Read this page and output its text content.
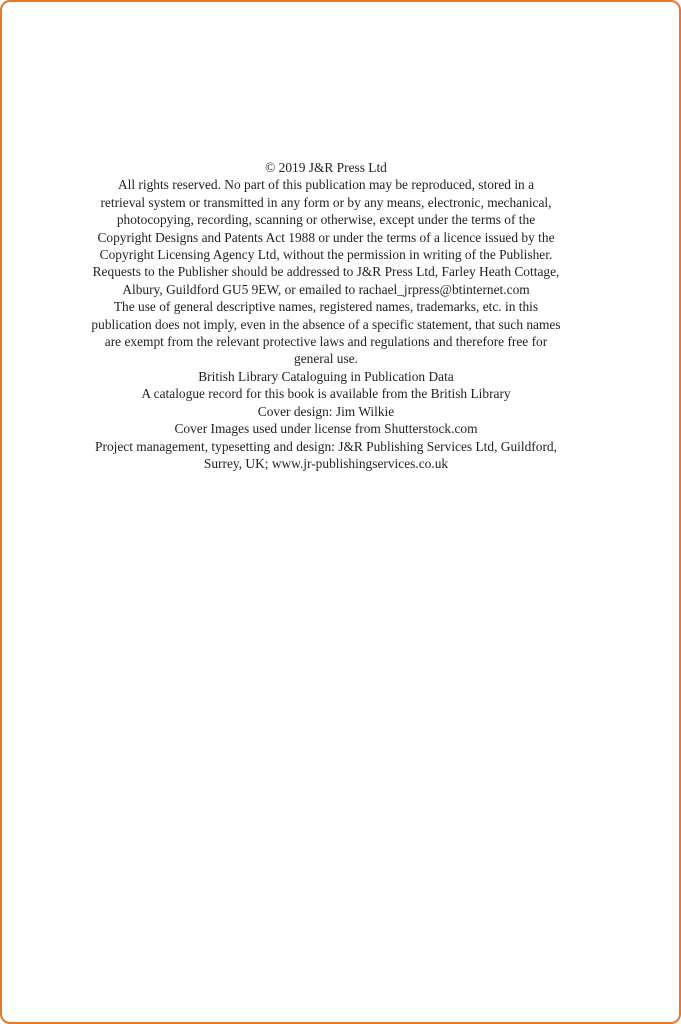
© 2019 J&R Press Ltd
All rights reserved. No part of this publication may be reproduced, stored in a
retrieval system or transmitted in any form or by any means, electronic, mechanical,
photocopying, recording, scanning or otherwise, except under the terms of the
Copyright Designs and Patents Act 1988 or under the terms of a licence issued by the
Copyright Licensing Agency Ltd, without the permission in writing of the Publisher.
Requests to the Publisher should be addressed to J&R Press Ltd, Farley Heath Cottage,
Albury, Guildford GU5 9EW, or emailed to rachael_jrpress@btinternet.com
The use of general descriptive names, registered names, trademarks, etc. in this
publication does not imply, even in the absence of a specific statement, that such names
are exempt from the relevant protective laws and regulations and therefore free for
general use.
British Library Cataloguing in Publication Data
A catalogue record for this book is available from the British Library
Cover design: Jim Wilkie
Cover Images used under license from Shutterstock.com
Project management, typesetting and design: J&R Publishing Services Ltd, Guildford,
Surrey, UK; www.jr-publishingservices.co.uk
